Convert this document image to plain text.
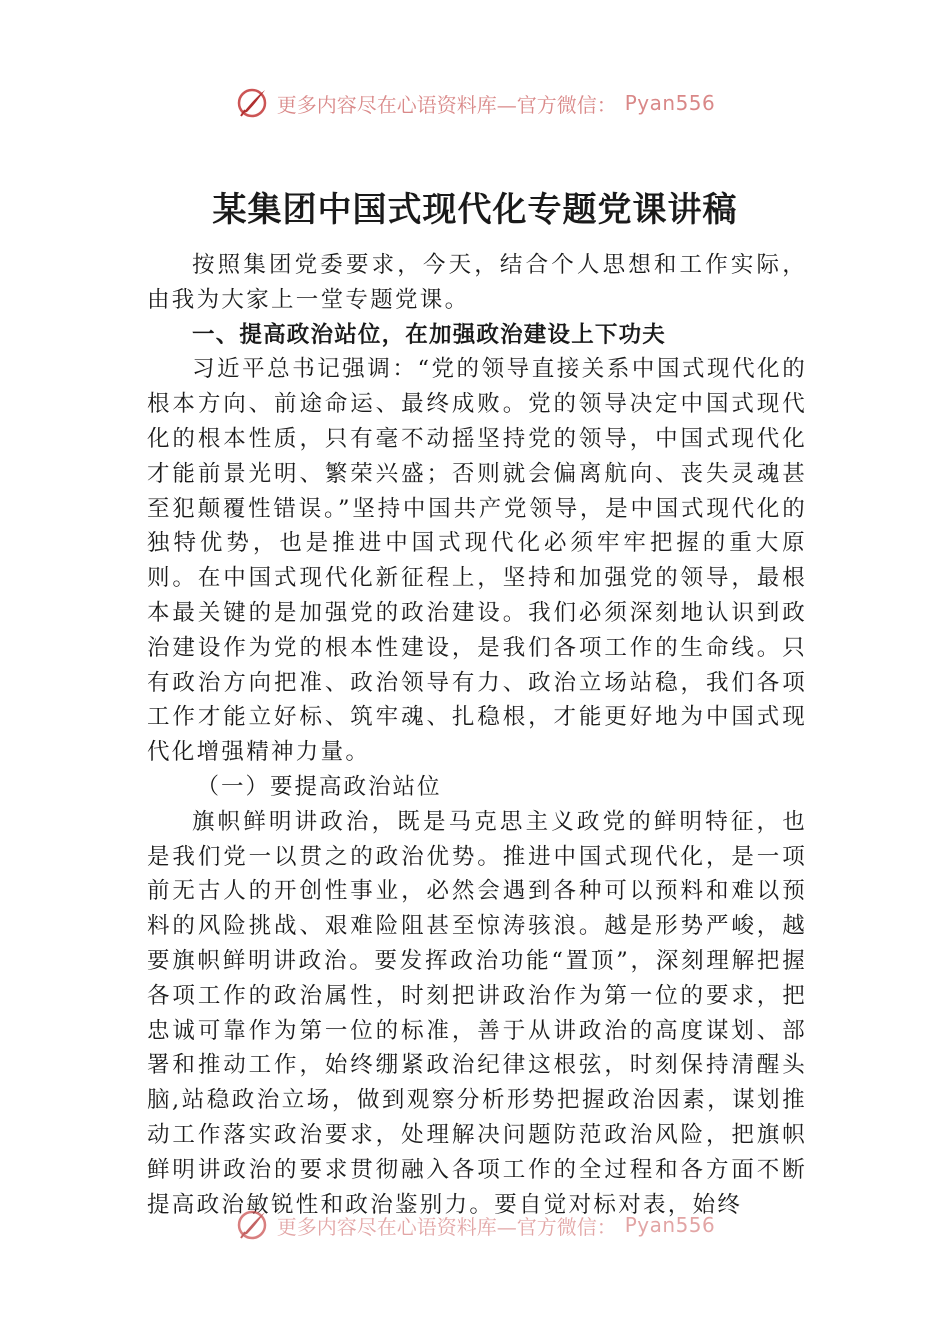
更多内容尽在心语资料库—官方微信： Pyan556
某集团中国式现代化专题党课讲稿

按照集团党委要求，今天，结合个人思想和工作实际，由我为大家上一堂专题党课。

一、提高政治站位，在加强政治建设上下功夫

习近平总书记强调：“党的领导直接关系中国式现代化的根本方向、前途命运、最终成败。党的领导决定中国式现代化的根本性质，只有毫不动摇坚持党的领导，中国式现代化才能前景光明、繁荣兴盛；否则就会偏离航向、丧失灵魂甚至犯颠覆性错误。”坚持中国共产党领导，是中国式现代化的独特优势，也是推进中国式现代化必须牢牢把握的重大原则。在中国式现代化新征程上，坚持和加强党的领导，最根本最关键的是加强党的政治建设。我们必须深刻地认识到政治建设作为党的根本性建设，是我们各项工作的生命线。只有政治方向把准、政治领导有力、政治立场站稳，我们各项工作才能立好标、筑牢魂、扎稳根，才能更好地为中国式现代化增强精神力量。

（一）要提高政治站位

旗帜鲜明讲政治，既是马克思主义政党的鲜明特征，也是我们党一以贯之的政治优势。推进中国式现代化，是一项前无古人的开创性事业，必然会遇到各种可以预料和难以预料的风险挑战、艰难险阻甚至惊涛骇浪。越是形势严峻，越要旗帜鲜明讲政治。要发挥政治功能“置顶”，深刻理解把握各项工作的政治属性，时刻把讲政治作为第一位的要求，把忠诚可靠作为第一位的标准，善于从讲政治的高度谋划、部署和推动工作，始终绷紧政治纪律这根弦，时刻保持清醒头脑,站稳政治立场，做到观察分析形势把握政治因素，谋划推动工作落实政治要求，处理解决问题防范政治风险，把旗帜鲜明讲政治的要求贯彻融入各项工作的全过程和各方面不断提高政治敏锐性和政治鉴别力。要自觉对标对表，始终

更多内容尽在心语资料库—官方微信： Pyan556
